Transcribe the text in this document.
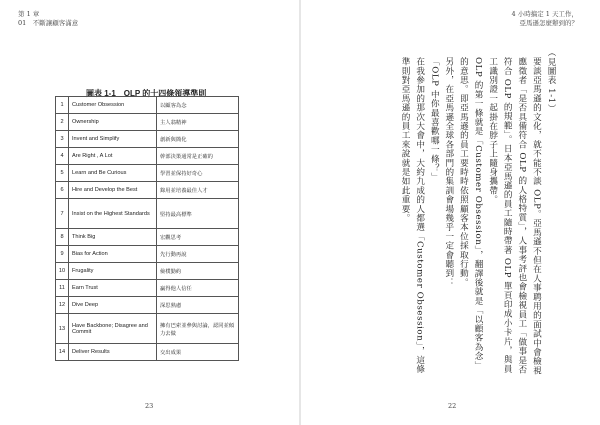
第 1 章
01　不斷讓顧客滿意
圖表 1-1　OLP 的十四條領導準則
1	Customer Obsession	以顧客為念
2	Ownership	主人翁精神
3	Invent and Simplify	創新與簡化
4	Are Right , A Lot	幹部決策通常是正確的
5	Learn and Be Curious	學習並保持好奇心
6	Hire and Develop the Best	錄用並培養最佳人才
7	Insist on the Highest Standards	堅持最高標準
8	Think Big	宏觀思考
9	Bias for Action	先行動再說
10	Frugality	儉樸勤約
11	Earn Trust	贏得他人信任
12	Dive Deep	深思熟慮
13	Have Backbone; Disagree and Commit	擁有巴索並參與討論，認同並傾力去做
14	Deliver Results	交出成果
23
4 小時搞定 1 天工作，
亞馬遜怎麼辦到的？

（見圖表 1-1）

要談亞馬遜的文化，就不能不談 OLP。亞馬遜不但在人事聘用的面試中會檢視應徵者「是否具備符合 OLP 的人格特質」，人事考評也會檢視員工「做事是否符合 OLP 的規範」。日本亞馬遜的員工隨時帶著 OLP 單頁印成小卡片，與員工識別證一起掛在脖子上隨身攜帶。

OLP 的第一條就是「Customer Obsession」，翻譯後就是「以顧客為念」的意思。即亞馬遜的員工要時時依照顧客本位採取行動。

另外，在亞馬遜全球各部門的集訓會場幾乎一定會聽到：

「OLP 中你最喜歡哪一條？」

在我參加的那次大會中，大約九成的人都選「Customer Obsession」，這條準則對亞馬遜的員工來說就是如此重要。

22
